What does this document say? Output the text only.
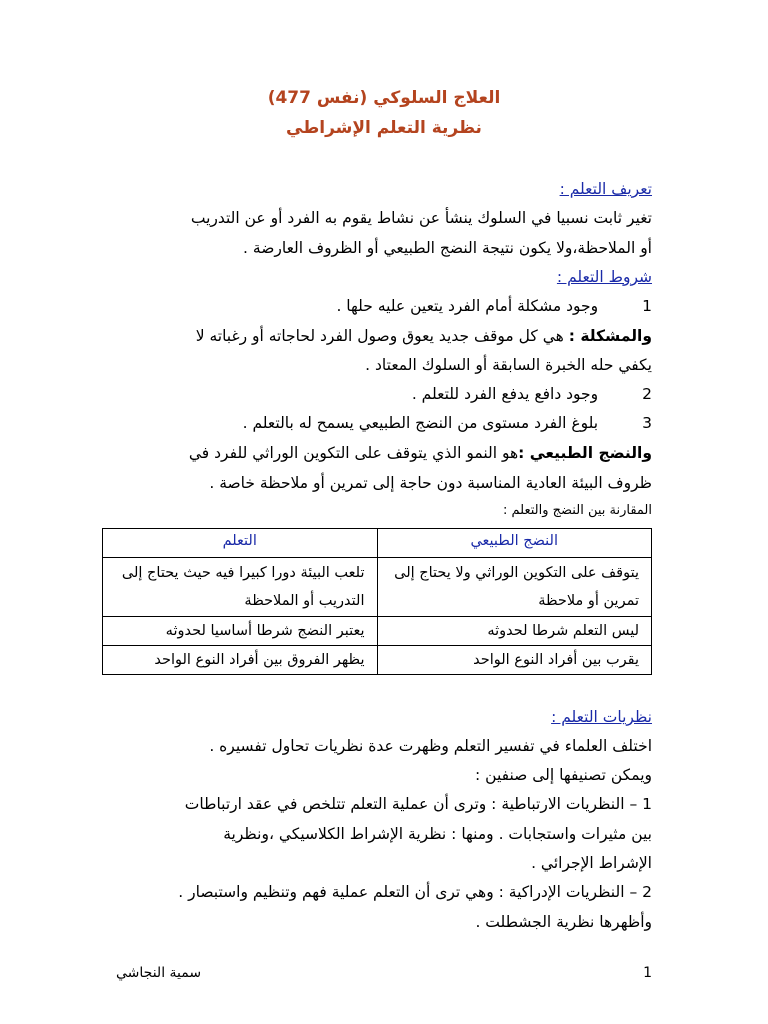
العلاج السلوكي (نفس 477)
نظرية التعلم الإشراطي
تعريف التعلم :
تغير ثابت نسبيا في السلوك ينشأ عن نشاط يقوم به الفرد أو عن التدريب
أو الملاحظة،ولا يكون نتيجة النضج الطبيعي أو الظروف العارضة .
شروط التعلم :
1  وجود مشكلة أمام الفرد يتعين عليه حلها .
والمشكلة : هي كل موقف جديد يعوق وصول الفرد لحاجاته أو رغباته لا
يكفي حله الخبرة السابقة أو السلوك المعتاد .
2  وجود دافع يدفع الفرد للتعلم .
3  بلوغ الفرد مستوى من النضج الطبيعي يسمح له بالتعلم .
والنضج الطبيعي :هو النمو الذي يتوقف على التكوين الوراثي للفرد في
ظروف البيئة العادية المناسبة دون حاجة إلى تمرين أو ملاحظة خاصة .
المقارنة بين النضج والتعلم :
النضج الطبيعي	التعلم
يتوقف على التكوين الوراثي ولا يحتاج إلى تمرين أو ملاحظة	تلعب البيئة دورا كبيرا فيه حيث يحتاج إلى التدريب أو الملاحظة
ليس التعلم شرطا لحدوثه	يعتبر النضج شرطا أساسيا لحدوثه
يقرب بين أفراد النوع الواحد	يظهر الفروق بين أفراد النوع الواحد
نظريات التعلم :
اختلف العلماء في تفسير التعلم وظهرت عدة نظريات تحاول تفسيره .
ويمكن تصنيفها إلى صنفين :
1 – النظريات الارتباطية : وترى أن عملية التعلم تتلخص في عقد ارتباطات
بين مثيرات واستجابات . ومنها : نظرية الإشراط الكلاسيكي ،ونظرية
الإشراط الإجرائي .
2 – النظريات الإدراكية : وهي ترى أن التعلم عملية فهم وتنظيم واستبصار .
وأظهرها نظرية الجشطلت .
سمية النجاشي	1
